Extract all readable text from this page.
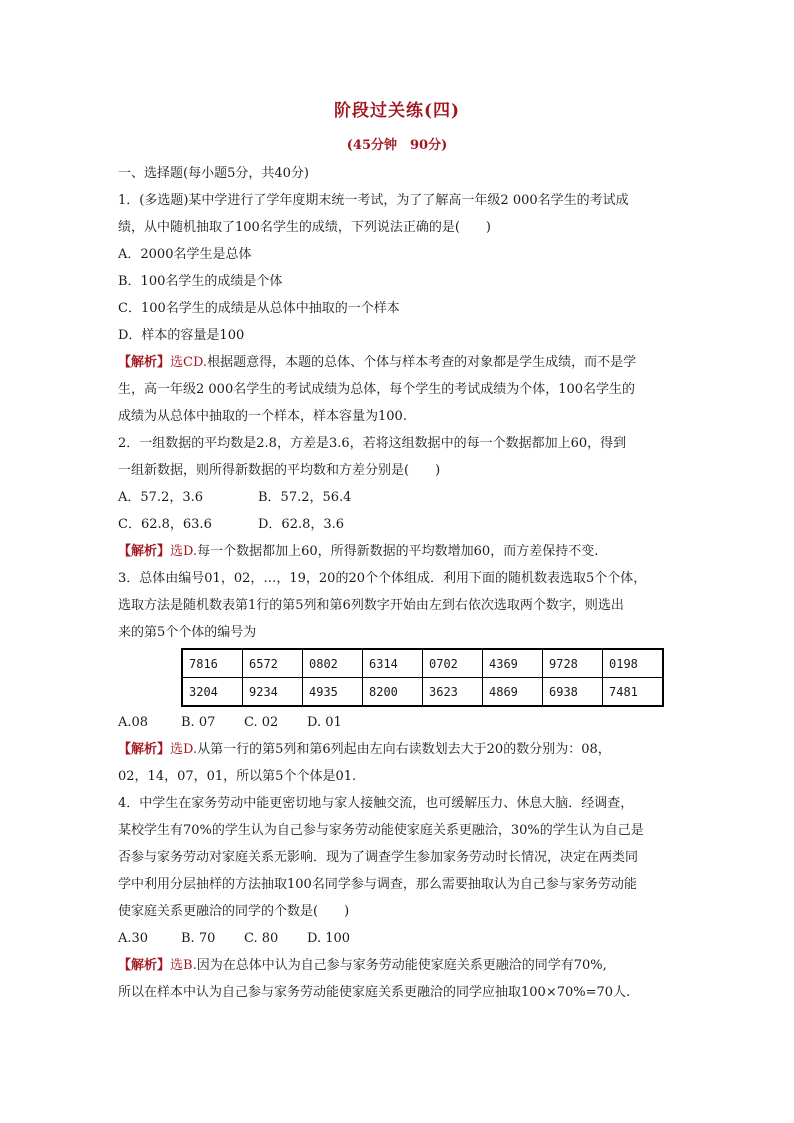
阶段过关练(四)
(45分钟　90分)
一、选择题(每小题5分，共40分)
1．(多选题)某中学进行了学年度期末统一考试，为了了解高一年级2 000名学生的考试成
绩，从中随机抽取了100名学生的成绩，下列说法正确的是(　　)
A．2000名学生是总体
B．100名学生的成绩是个体
C．100名学生的成绩是从总体中抽取的一个样本
D．样本的容量是100
【解析】选CD.根据题意得，本题的总体、个体与样本考查的对象都是学生成绩，而不是学
生，高一年级2 000名学生的考试成绩为总体，每个学生的考试成绩为个体，100名学生的
成绩为从总体中抽取的一个样本，样本容量为100.
2．一组数据的平均数是2.8，方差是3.6，若将这组数据中的每一个数据都加上60，得到
一组新数据，则所得新数据的平均数和方差分别是(　　)
A．57.2，3.6	B．57.2，56.4
C．62.8，63.6	D．62.8，3.6
【解析】选D.每一个数据都加上60，所得新数据的平均数增加60，而方差保持不变.
3．总体由编号01，02，…，19，20的20个个体组成．利用下面的随机数表选取5个个体，
选取方法是随机数表第1行的第5列和第6列数字开始由左到右依次选取两个数字，则选出
来的第5个个体的编号为
7816	6572	0802	6314	0702	4369	9728	0198
3204	9234	4935	8200	3623	4869	6938	7481
A.08	B. 07 C. 02 D. 01
【解析】选D.从第一行的第5列和第6列起由左向右读数划去大于20的数分别为：08，
02，14，07，01，所以第5个个体是01.
4．中学生在家务劳动中能更密切地与家人接触交流，也可缓解压力、休息大脑．经调查，
某校学生有70%的学生认为自己参与家务劳动能使家庭关系更融洽，30%的学生认为自己是
否参与家务劳动对家庭关系无影响．现为了调查学生参加家务劳动时长情况，决定在两类同
学中利用分层抽样的方法抽取100名同学参与调查，那么需要抽取认为自己参与家务劳动能
使家庭关系更融洽的同学的个数是(　　)
A.30	B. 70 C. 80 D. 100
【解析】选B.因为在总体中认为自己参与家务劳动能使家庭关系更融洽的同学有70%,
所以在样本中认为自己参与家务劳动能使家庭关系更融洽的同学应抽取100×70%=70人.
